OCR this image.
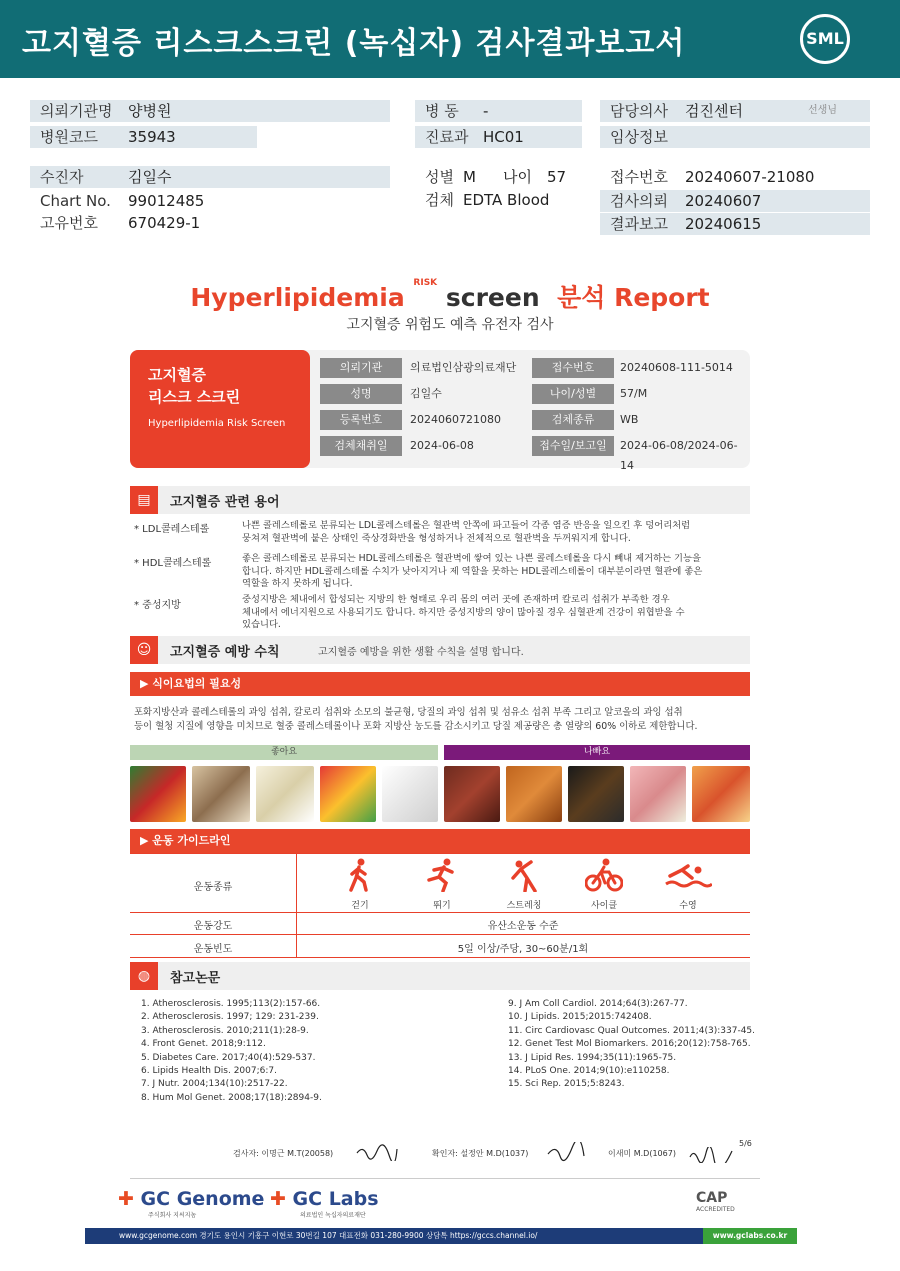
고지혈증 리스크스크린 (녹십자) 검사결과보고서	SML
의뢰기관명 양병원
병원코드 35943
병 동 -
진료과 HC01
담당의사 검진센터	선생님
임상정보
수진자	김일수
Chart No. 99012485
고유번호 670429-1
성별 M 나이 57
검체 EDTA Blood
접수번호 20240607-21080
검사의뢰 20240607
결과보고 20240615
Hyperlipidemia $^{RISK}$ screen 분석 Report
고지혈증 위험도 예측 유전자 검사
고지혈증
리스크 스크린
Hyperlipidemia Risk Screen
의뢰기관	의료법인삼광의료재단	접수번호	20240608-111-5014
성명	김일수	나이/성별	57/M
등록번호	2024060721080	검체종류	WB
검체채취일	2024-06-08	접수일/보고일	2024-06-08/2024-06-14
▤	고지혈증 관련 용어
* LDL콜레스테롤	나쁜 콜레스테롤로 분류되는 LDL콜레스테롤은 혈관벽 안쪽에 파고들어 각종 염증 반응을 일으킨 후 덩어리처럼
뭉쳐져 혈관벽에 붙은 상태인 죽상경화반을 형성하거나 전체적으로 혈관벽을 두꺼워지게 합니다.
* HDL콜레스테롤	좋은 콜레스테롤로 분류되는 HDL콜레스테롤은 혈관벽에 쌓여 있는 나쁜 콜레스테롤을 다시 빼내 제거하는 기능을
합니다. 하지만 HDL콜레스테롤 수치가 낮아지거나 제 역할을 못하는 HDL콜레스테롤이 대부분이라면 혈관에 좋은
역할을 하지 못하게 됩니다.
* 중성지방
중성지방은 체내에서 합성되는 지방의 한 형태로 우리 몸의 여러 곳에 존재하며 칼로리 섭취가 부족한 경우
체내에서 에너지원으로 사용되기도 합니다. 하지만 중성지방의 양이 많아질 경우 심혈관계 건강이 위협받을 수
있습니다.
☺	고지혈증 예방 수칙	고지혈증 예방을 위한 생활 수칙을 설명 합니다.
▶ 식이요법의 필요성
포화지방산과 콜레스테롤의 과잉 섭취, 칼로리 섭취와 소모의 불균형, 당질의 과잉 섭취 및 섬유소 섭취 부족 그리고 알코올의 과잉 섭취
등이 혈청 지질에 영향을 미치므로 혈중 콜레스테롤이나 포화 지방산 농도를 감소시키고 당질 제공량은 총 열량의 60% 이하로 제한합니다.
좋아요	나빠요
▶ 운동 가이드라인
운동종류
걷기	뛰기	스트레칭	사이클	수영
운동강도	유산소운동 수준
운동빈도	5일 이상/주당, 30~60분/1회
◍	참고논문
1. Atherosclerosis. 1995;113(2):157-66.
2. Atherosclerosis. 1997; 129: 231-239.
3. Atherosclerosis. 2010;211(1):28-9.
4. Front Genet. 2018;9:112.
5. Diabetes Care. 2017;40(4):529-537.
6. Lipids Health Dis. 2007;6:7.
7. J Nutr. 2004;134(10):2517-22.
8. Hum Mol Genet. 2008;17(18):2894-9.
9. J Am Coll Cardiol. 2014;64(3):267-77.
10. J Lipids. 2015;2015:742408.
11. Circ Cardiovasc Qual Outcomes. 2011;4(3):337-45.
12. Genet Test Mol Biomarkers. 2016;20(12):758-765.
13. J Lipid Res. 1994;35(11):1965-75.
14. PLoS One. 2014;9(10):e110258.
15. Sci Rep. 2015;5:8243.
검사자: 이명근 M.T(20058)	확인자: 설정안 M.D(1037)	이새미 M.D(1067)
5/6
✚ GC Genome
주식회사 지씨지놈
✚ GC Labs
의료법인 녹십자의료재단
CAP
ACCREDITED
www.gcgenome.com 경기도 용인시 기흥구 이현로 30번길 107 대표전화 031-280-9900 상담톡 https://gccs.channel.io/	www.gclabs.co.kr
